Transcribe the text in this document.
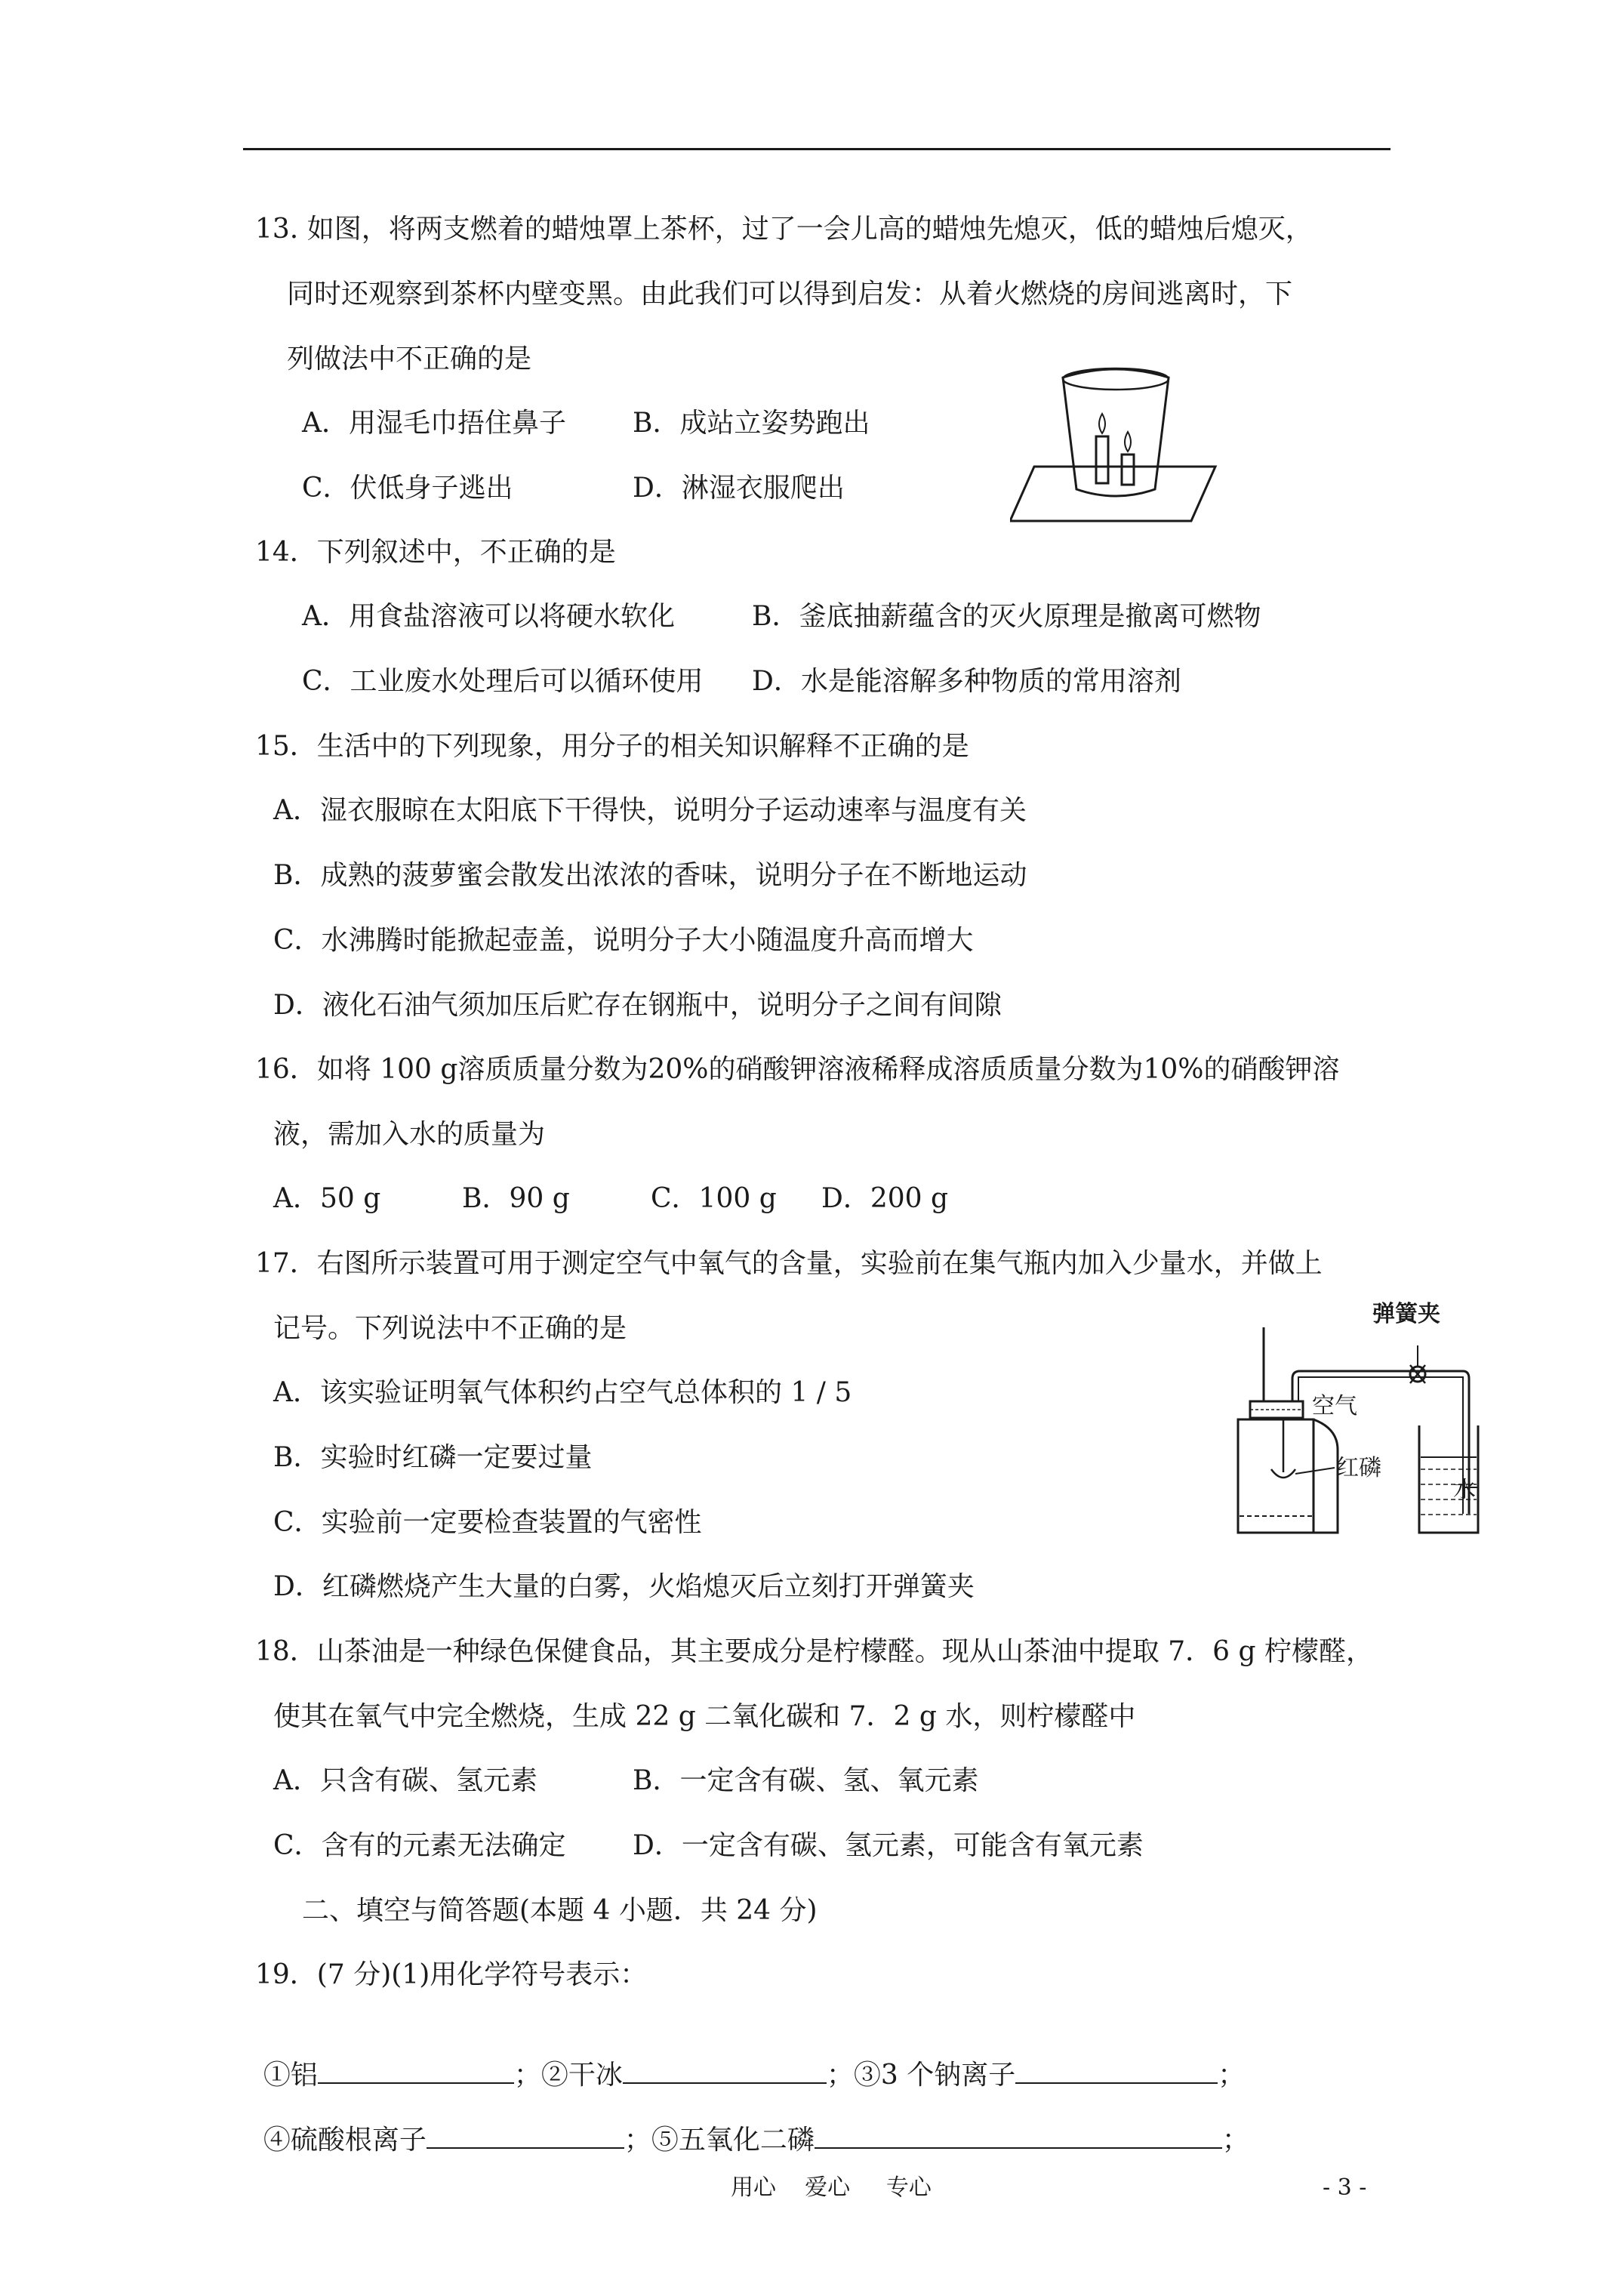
13. 如图，将两支燃着的蜡烛罩上茶杯，过了一会儿高的蜡烛先熄灭，低的蜡烛后熄灭，
同时还观察到茶杯内壁变黑。由此我们可以得到启发：从着火燃烧的房间逃离时，下
列做法中不正确的是
A．用湿毛巾捂住鼻子 B．成站立姿势跑出
C．伏低身子逃出	D．淋湿衣服爬出
14．下列叙述中，不正确的是
A．用食盐溶液可以将硬水软化	B．釜底抽薪蕴含的灭火原理是撤离可燃物
C．工业废水处理后可以循环使用 D．水是能溶解多种物质的常用溶剂
15．生活中的下列现象，用分子的相关知识解释不正确的是
A．湿衣服晾在太阳底下干得快，说明分子运动速率与温度有关
B．成熟的菠萝蜜会散发出浓浓的香味，说明分子在不断地运动
C．水沸腾时能掀起壶盖，说明分子大小随温度升高而增大
D．液化石油气须加压后贮存在钢瓶中，说明分子之间有间隙
16．如将 100 g溶质质量分数为20%的硝酸钾溶液稀释成溶质质量分数为10%的硝酸钾溶
液，需加入水的质量为
A．50 g	B．90 g	C．100 g D．200 g
17．右图所示装置可用于测定空气中氧气的含量，实验前在集气瓶内加入少量水，并做上
记号。下列说法中不正确的是
A．该实验证明氧气体积约占空气总体积的 1 / 5
B．实验时红磷一定要过量
C．实验前一定要检查装置的气密性
D．红磷燃烧产生大量的白雾，火焰熄灭后立刻打开弹簧夹
弹簧夹
空气
红磷
水
18．山茶油是一种绿色保健食品，其主要成分是柠檬醛。现从山茶油中提取 7．6 g 柠檬醛，
使其在氧气中完全燃烧，生成 22 g 二氧化碳和 7．2 g 水，则柠檬醛中
A．只含有碳、氢元素	B．一定含有碳、氢、氧元素
C．含有的元素无法确定 D．一定含有碳、氢元素，可能含有氧元素
二、填空与简答题(本题 4 小题．共 24 分)
19．(7 分)(1)用化学符号表示：

①铝	；②干冰	；③3 个钠离子	；

④硫酸根离子	；⑤五氧化二磷	；

用心    爱心     专心	- 3 -
